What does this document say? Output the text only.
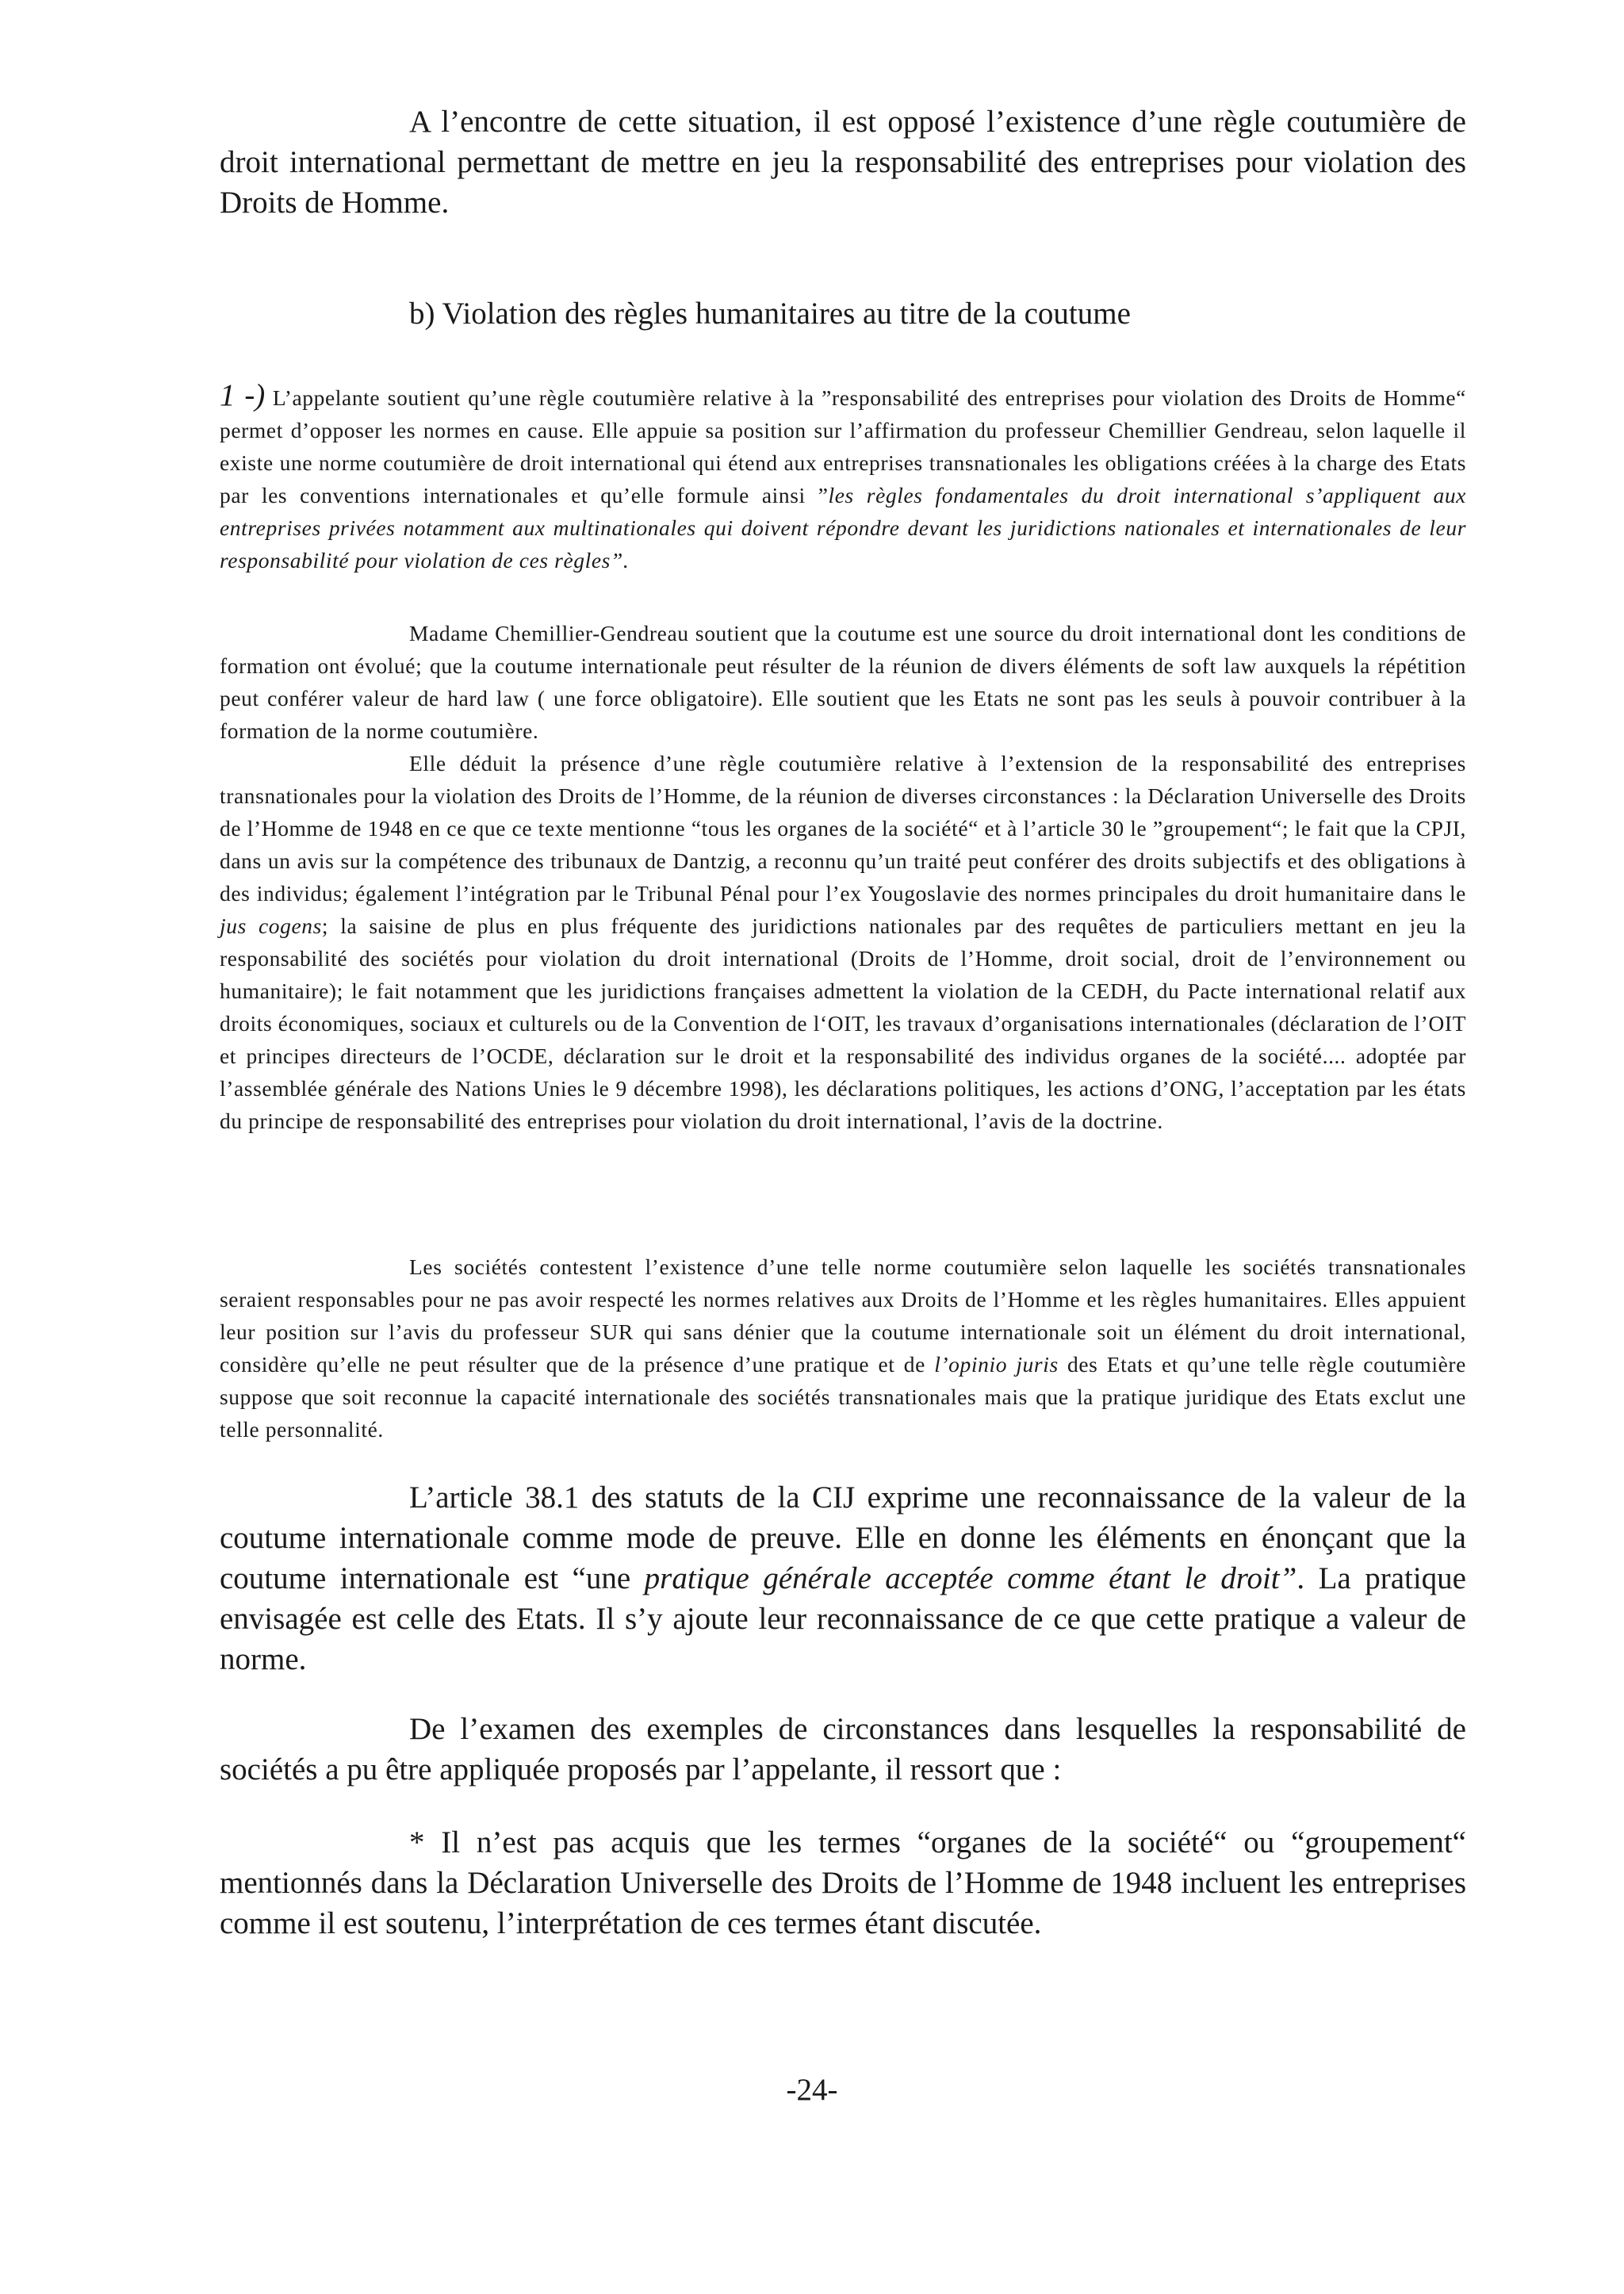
A l’encontre de cette situation, il est opposé l’existence d’une règle coutumière de droit international permettant de mettre en jeu la responsabilité des entreprises pour violation des Droits de Homme.

b) Violation des règles humanitaires au titre de la coutume

1 -) L’appelante soutient qu’une règle coutumière relative à la ”responsabilité des entreprises pour violation des Droits de Homme“ permet d’opposer les normes en cause. Elle appuie sa position sur l’affirmation du professeur Chemillier Gendreau, selon laquelle il existe une norme coutumière de droit international qui étend aux entreprises transnationales les obligations créées à la charge des Etats par les conventions internationales et qu’elle formule ainsi ”les règles fondamentales du droit international s’appliquent aux entreprises privées notamment aux multinationales qui doivent répondre devant les juridictions nationales et internationales de leur responsabilité pour violation de ces règles”.

Madame Chemillier-Gendreau soutient que la coutume est une source du droit international dont les conditions de formation ont évolué; que la coutume internationale peut résulter de la réunion de divers éléments de soft law auxquels la répétition peut conférer valeur de hard law ( une force obligatoire). Elle soutient que les Etats ne sont pas les seuls à pouvoir contribuer à la formation de la norme coutumière.

Elle déduit la présence d’une règle coutumière relative à l’extension de la responsabilité des entreprises transnationales pour la violation des Droits de l’Homme, de la réunion de diverses circonstances : la Déclaration Universelle des Droits de l’Homme de 1948 en ce que ce texte mentionne “tous les organes de la société“ et à l’article 30 le ”groupement“; le fait que la CPJI, dans un avis sur la compétence des tribunaux de Dantzig, a reconnu qu’un traité peut conférer des droits subjectifs et des obligations à des individus; également l’intégration par le Tribunal Pénal pour l’ex Yougoslavie des normes principales du droit humanitaire dans le jus cogens; la saisine de plus en plus fréquente des juridictions nationales par des requêtes de particuliers mettant en jeu la responsabilité des sociétés pour violation du droit international (Droits de l’Homme, droit social, droit de l’environnement ou humanitaire); le fait notamment que les juridictions françaises admettent la violation de la CEDH, du Pacte international relatif aux droits économiques, sociaux et culturels ou de la Convention de l‘OIT, les travaux d’organisations internationales (déclaration de l’OIT et principes directeurs de l’OCDE, déclaration sur le droit et la responsabilité des individus organes de la société.... adoptée par l’assemblée générale des Nations Unies le 9 décembre 1998), les déclarations politiques, les actions d’ONG, l’acceptation par les états du principe de responsabilité des entreprises pour violation du droit international, l’avis de la doctrine.

Les sociétés contestent l’existence d’une telle norme coutumière selon laquelle les sociétés transnationales seraient responsables pour ne pas avoir respecté les normes relatives aux Droits de l’Homme et les règles humanitaires. Elles appuient leur position sur l’avis du professeur SUR qui sans dénier que la coutume internationale soit un élément du droit international, considère qu’elle ne peut résulter que de la présence d’une pratique et de l’opinio juris des Etats et qu’une telle règle coutumière suppose que soit reconnue la capacité internationale des sociétés transnationales mais que la pratique juridique des Etats exclut une telle personnalité.

L’article 38.1 des statuts de la CIJ exprime une reconnaissance de la valeur de la coutume internationale comme mode de preuve. Elle en donne les éléments en énonçant que la coutume internationale est “une pratique générale acceptée comme étant le droit”. La pratique envisagée est celle des Etats. Il s’y ajoute leur reconnaissance de ce que cette pratique a valeur de norme.

De l’examen des exemples de circonstances dans lesquelles la responsabilité de sociétés a pu être appliquée proposés par l’appelante, il ressort que :

* Il n’est pas acquis que les termes “organes de la société“ ou “groupement“ mentionnés dans la Déclaration Universelle des Droits de l’Homme de 1948 incluent les entreprises comme il est soutenu, l’interprétation de ces termes étant discutée.

-24-
